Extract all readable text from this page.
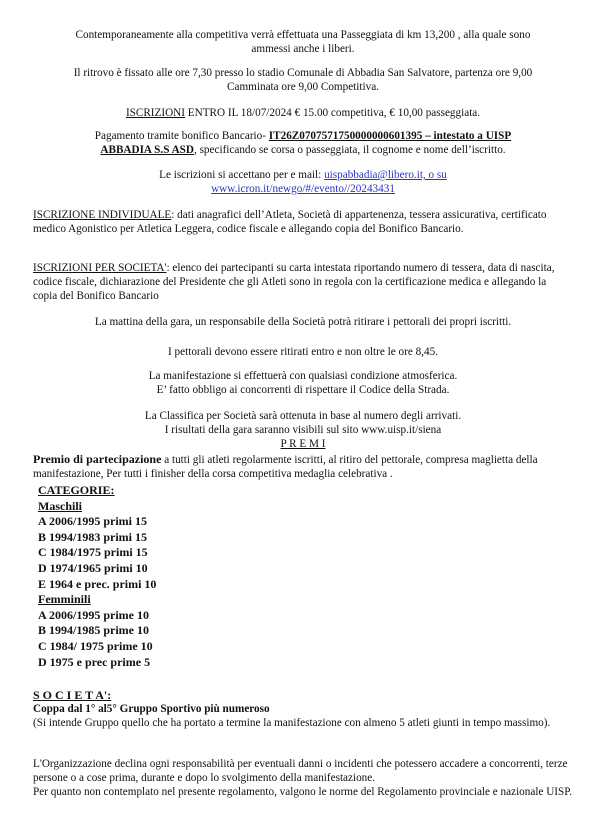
Contemporaneamente alla competitiva verrà effettuata una Passeggiata di km 13,200 , alla quale sono
ammessi anche i liberi.
Il ritrovo è fissato alle ore 7,30 presso lo stadio Comunale di Abbadia San Salvatore, partenza ore 9,00
Camminata ore 9,00 Competitiva.
ISCRIZIONI ENTRO IL 18/07/2024 € 15.00 competitiva, € 10,00 passeggiata.
Pagamento tramite bonifico Bancario- IT26Z0707571750000000601395 – intestato a UISP
ABBADIA S.S ASD, specificando se corsa o passeggiata, il cognome e nome dell’iscritto.
Le iscrizioni si accettano per e mail: uispabbadia@libero.it, o su
www.icron.it/newgo/#/evento//20243431
ISCRIZIONE INDIVIDUALE: dati anagrafici dell’Atleta, Società di appartenenza, tessera assicurativa, certificato medico Agonistico per Atletica Leggera, codice fiscale e allegando copia del Bonifico Bancario.
ISCRIZIONI PER SOCIETA': elenco dei partecipanti su carta intestata riportando numero di tessera, data di nascita, codice fiscale, dichiarazione del Presidente che gli Atleti sono in regola con la certificazione medica e allegando la copia del Bonifico Bancario
La mattina della gara, un responsabile della Società potrà ritirare i pettorali dei propri iscritti.
I pettorali devono essere ritirati entro e non oltre le ore 8,45.
La manifestazione si effettuerà con qualsiasi condizione atmosferica.
E’ fatto obbligo ai concorrenti di rispettare il Codice della Strada.
La Classifica per Società sarà ottenuta in base al numero degli arrivati.
I risultati della gara saranno visibili sul sito www.uisp.it/siena
P R E M I
Premio di partecipazione a tutti gli atleti regolarmente iscritti, al ritiro del pettorale, compresa maglietta della manifestazione, Per tutti i finisher della corsa competitiva medaglia celebrativa .
CATEGORIE:
Maschili
A 2006/1995 primi 15
B 1994/1983 primi 15
C 1984/1975 primi 15
D 1974/1965 primi 10
E 1964 e prec. primi 10
Femminili
A 2006/1995 prime 10
B 1994/1985 prime 10
C 1984/ 1975 prime 10
D 1975 e prec prime 5
S O C I E T A':
Coppa dal 1° al5° Gruppo Sportivo più numeroso
(Si intende Gruppo quello che ha portato a termine la manifestazione con almeno 5 atleti giunti in tempo massimo).
L'Organizzazione declina ogni responsabilità per eventuali danni o incidenti che potessero accadere a concorrenti, terze persone o a cose prima, durante e dopo lo svolgimento della manifestazione.
Per quanto non contemplato nel presente regolamento, valgono le norme del Regolamento provinciale e nazionale UISP.
